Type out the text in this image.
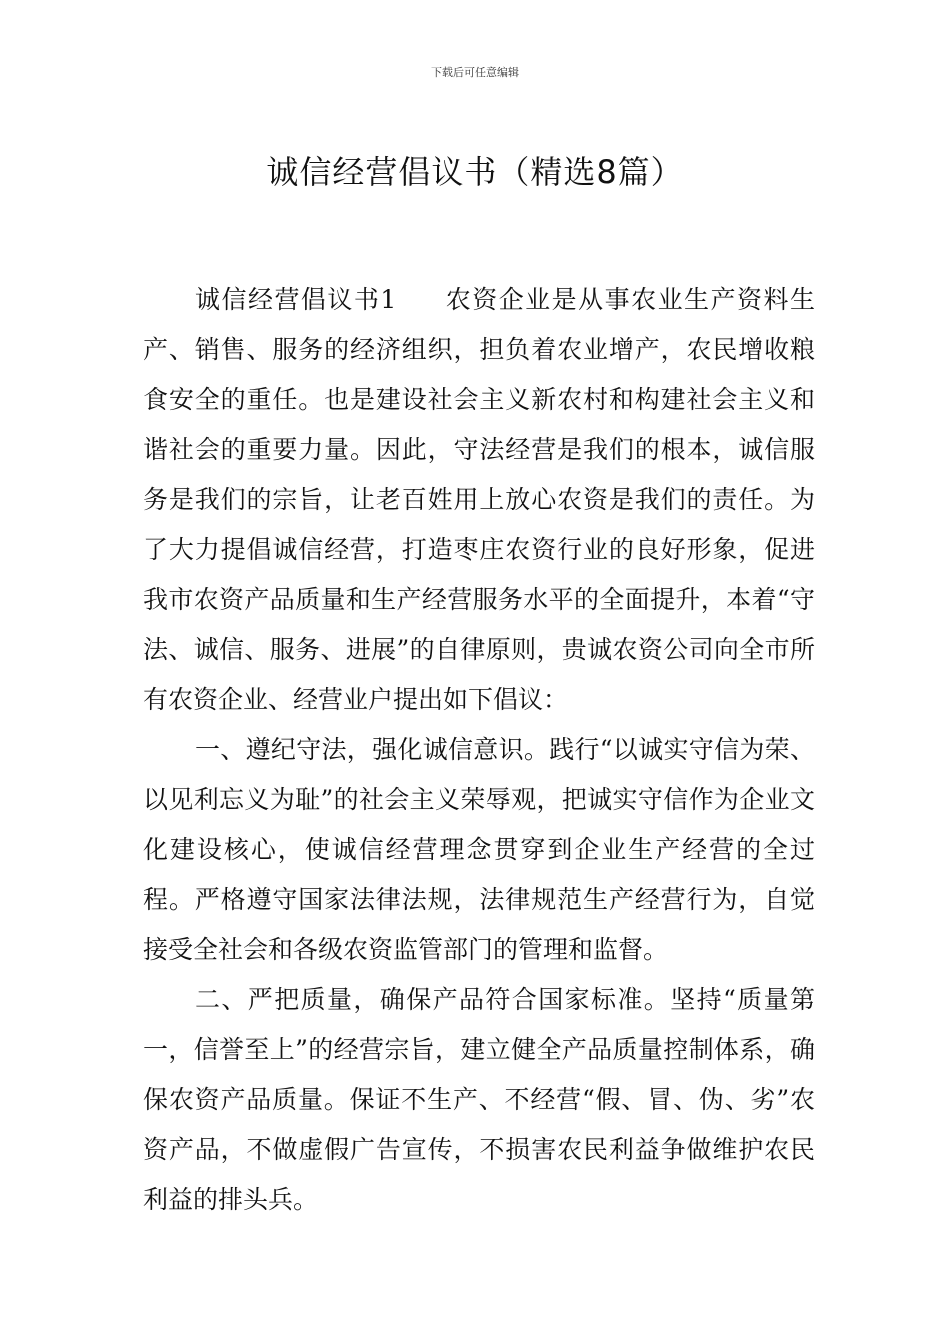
下载后可任意编辑
诚信经营倡议书（精选8篇）

诚信经营倡议书1 农资企业是从事农业生产资料生产、销售、服务的经济组织，担负着农业增产，农民增收粮食安全的重任。也是建设社会主义新农村和构建社会主义和谐社会的重要力量。因此，守法经营是我们的根本，诚信服务是我们的宗旨，让老百姓用上放心农资是我们的责任。为了大力提倡诚信经营，打造枣庄农资行业的良好形象，促进我市农资产品质量和生产经营服务水平的全面提升，本着“守法、诚信、服务、进展”的自律原则，贵诚农资公司向全市所有农资企业、经营业户提出如下倡议：

一、遵纪守法，强化诚信意识。践行“以诚实守信为荣、以见利忘义为耻”的社会主义荣辱观，把诚实守信作为企业文化建设核心，使诚信经营理念贯穿到企业生产经营的全过程。严格遵守国家法律法规，法律规范生产经营行为，自觉接受全社会和各级农资监管部门的管理和监督。

二、严把质量，确保产品符合国家标准。坚持“质量第一，信誉至上”的经营宗旨，建立健全产品质量控制体系，确保农资产品质量。保证不生产、不经营“假、冒、伪、劣”农资产品，不做虚假广告宣传，不损害农民利益争做维护农民利益的排头兵。
